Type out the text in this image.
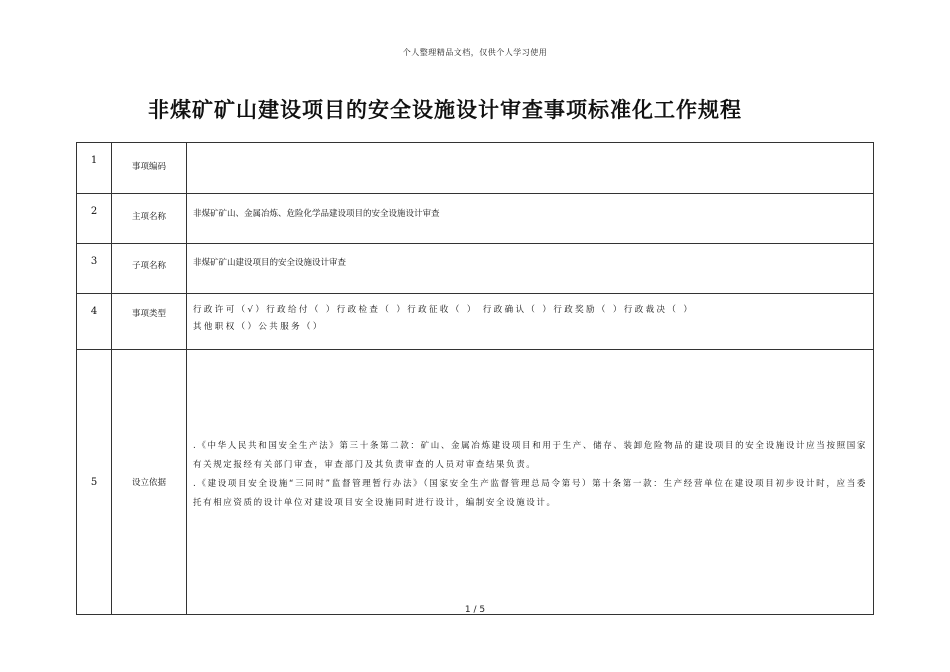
个人整理精品文档，仅供个人学习使用
非煤矿矿山建设项目的安全设施设计审查事项标准化工作规程
1	事项编码	

2	主项名称	非煤矿矿山、金属冶炼、危险化学品建设项目的安全设施设计审查

3	子项名称	非煤矿矿山建设项目的安全设施设计审查

4	事项类型	行政许可（√）行政给付（ ）行政检查（ ）行政征收（ ） 行政确认（ ）行政奖励（ ）行政裁决（ ）
其他职权（）公共服务（）

5	设立依据	.《中华人民共和国安全生产法》第三十条第二款：矿山、金属冶炼建设项目和用于生产、储存、装卸危险物品的建设项目的安全设施设计应当按照国家有关规定报经有关部门审查，审查部门及其负责审查的人员对审查结果负责。

.《建设项目安全设施“三同时”监督管理暂行办法》（国家安全生产监督管理总局令第号）第十条第一款：生产经营单位在建设项目初步设计时，应当委托有相应资质的设计单位对建设项目安全设施同时进行设计，编制安全设施设计。

1 / 5
